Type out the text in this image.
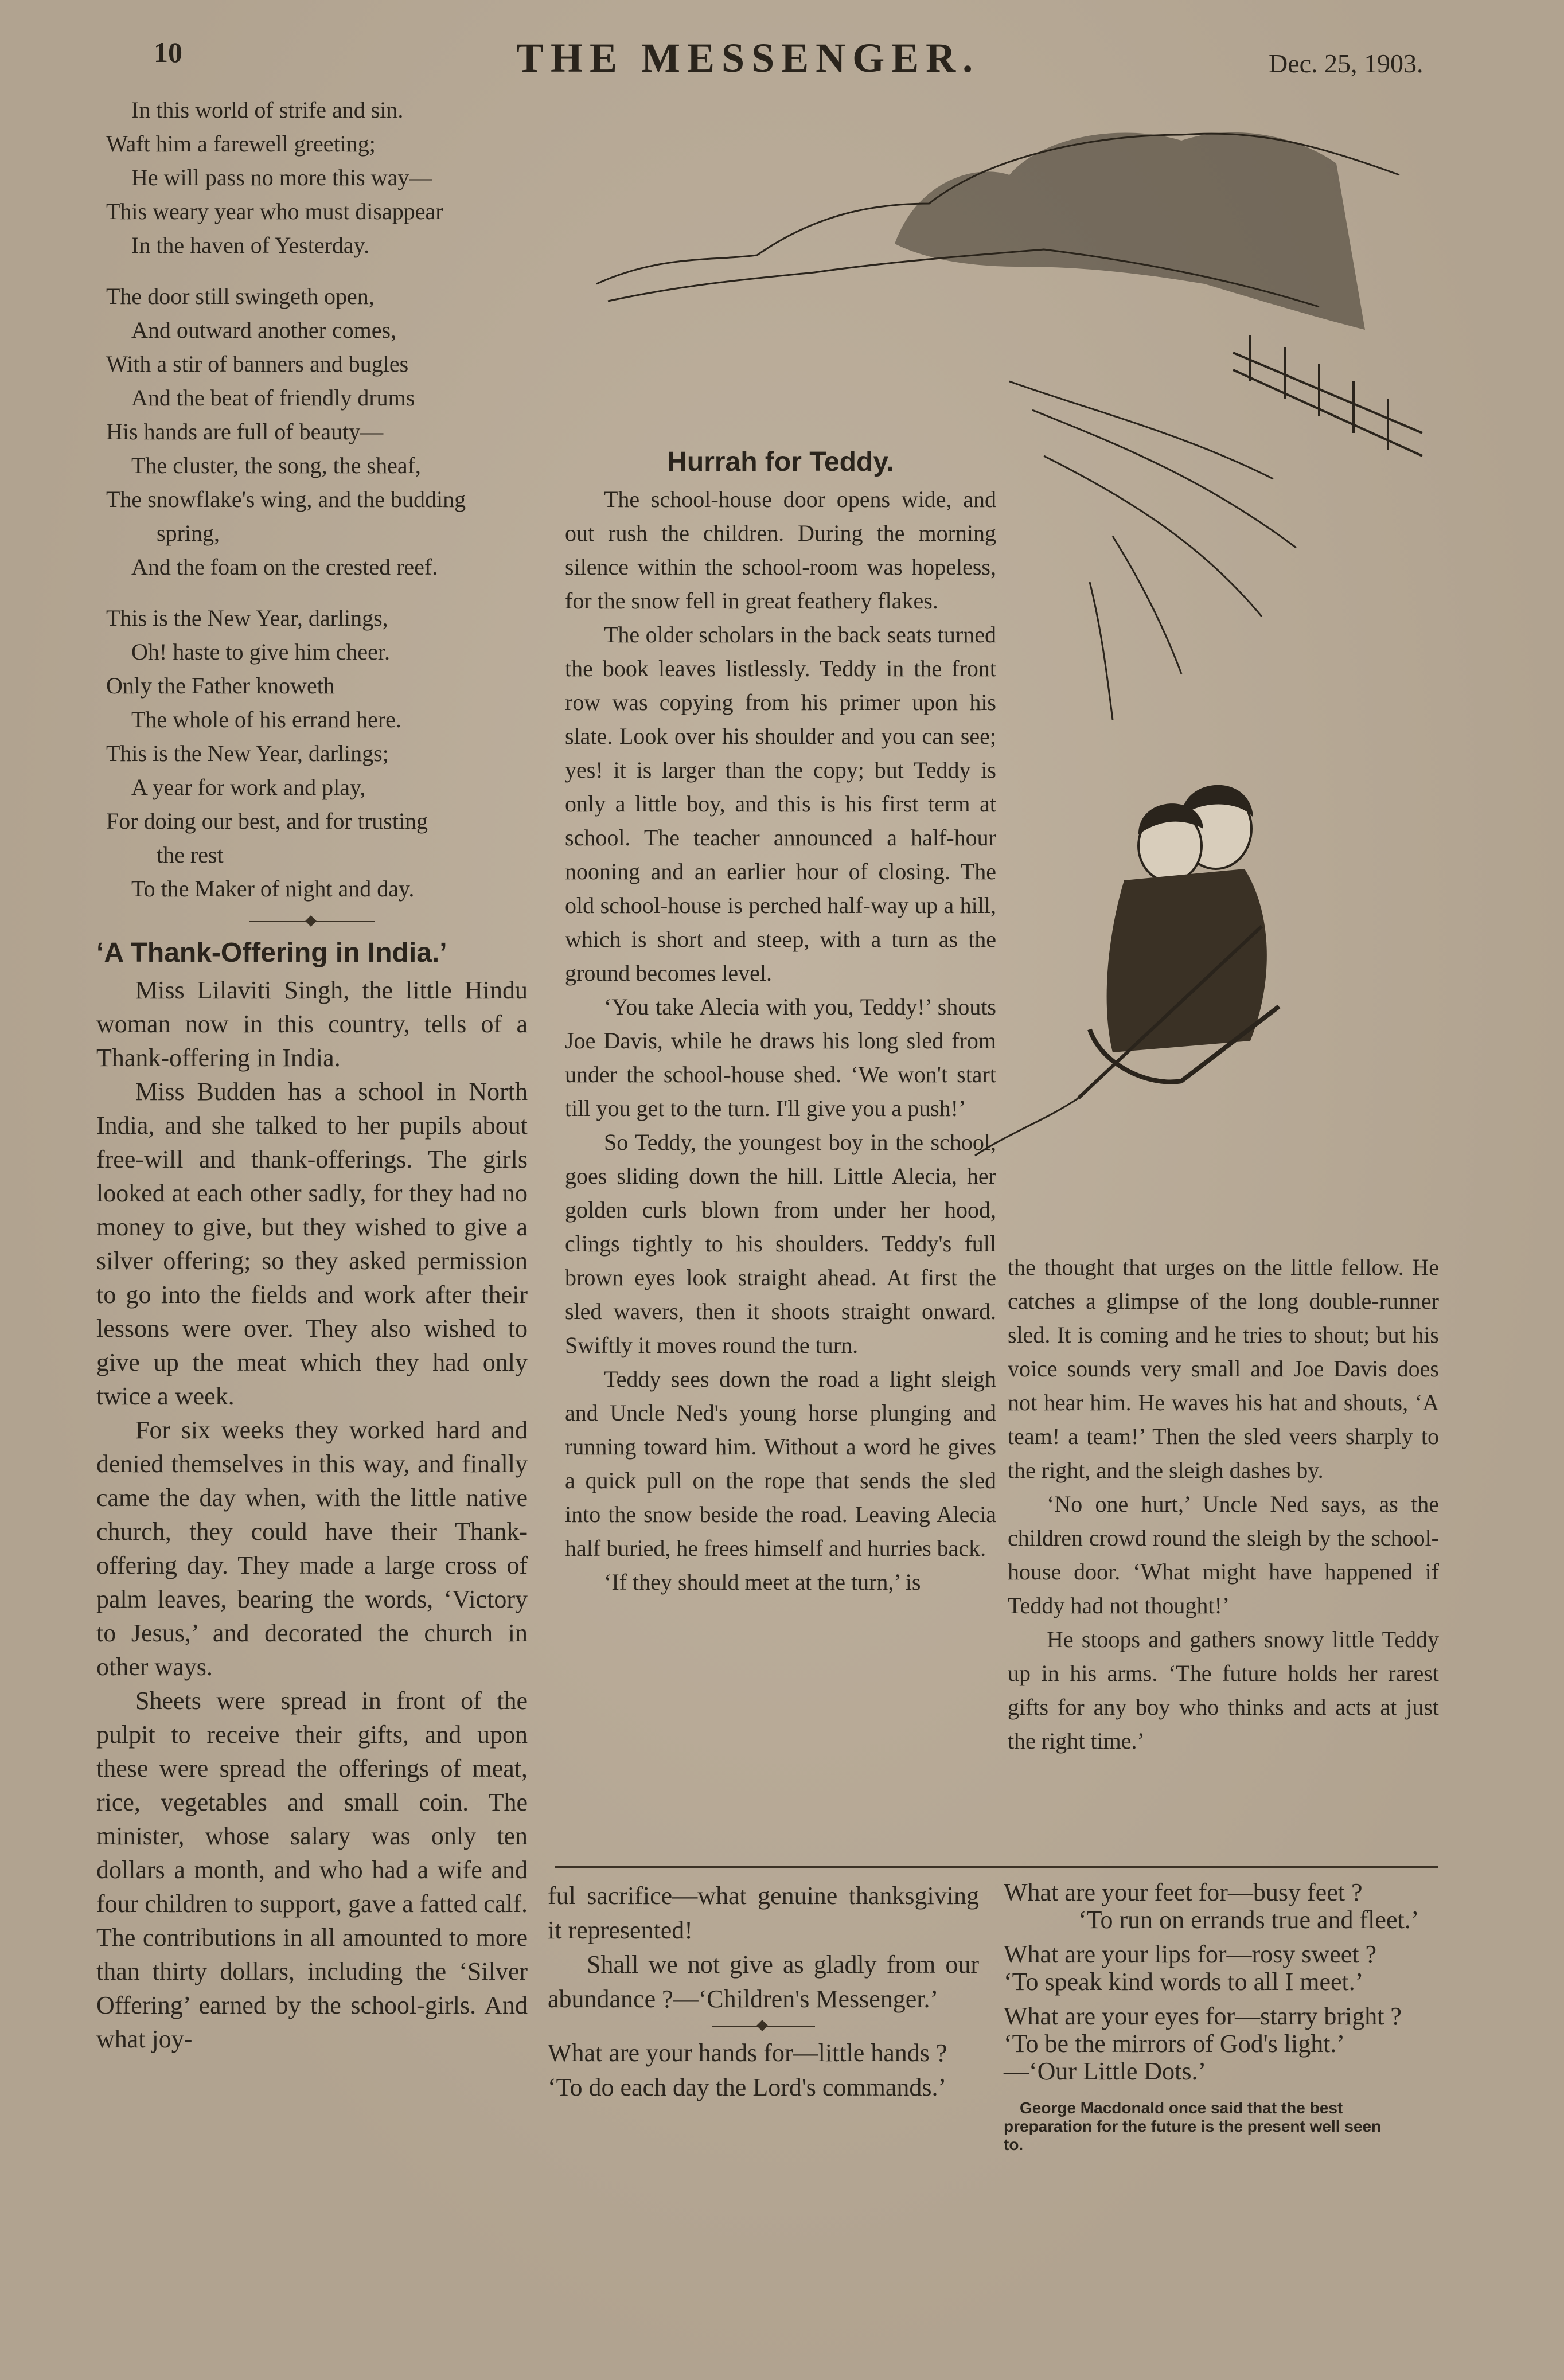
10	THE MESSENGER.	Dec. 25, 1903.

In this world of strife and sin.

Waft him a farewell greeting;

He will pass no more this way—

This weary year who must disappear

In the haven of Yesterday.

The door still swingeth open,

And outward another comes,

With a stir of banners and bugles

And the beat of friendly drums

His hands are full of beauty—

The cluster, the song, the sheaf,

The snowflake's wing, and the budding

spring,

And the foam on the crested reef.

This is the New Year, darlings,

Oh! haste to give him cheer.

Only the Father knoweth

The whole of his errand here.

This is the New Year, darlings;

A year for work and play,

For doing our best, and for trusting

the rest

To the Maker of night and day.

‘A Thank-Offering in India.’

Miss Lilaviti Singh, the little Hindu woman now in this country, tells of a Thank-offering in India.

Miss Budden has a school in North India, and she talked to her pupils about free-will and thank-offerings. The girls looked at each other sadly, for they had no money to give, but they wished to give a silver offering; so they asked permission to go into the fields and work after their lessons were over. They also wished to give up the meat which they had only twice a week.

For six weeks they worked hard and denied themselves in this way, and finally came the day when, with the little native church, they could have their Thank-offering day. They made a large cross of palm leaves, bearing the words, ‘Victory to Jesus,’ and decorated the church in other ways.

Sheets were spread in front of the pulpit to receive their gifts, and upon these were spread the offerings of meat, rice, vegetables and small coin. The minister, whose salary was only ten dollars a month, and who had a wife and four children to support, gave a fatted calf. The contributions in all amounted to more than thirty dollars, including the ‘Silver Offering’ earned by the school-girls. And what joy-

Hurrah for Teddy.

The school-house door opens wide, and out rush the children. During the morning silence within the school-room was hopeless, for the snow fell in great feathery flakes.

The older scholars in the back seats turned the book leaves listlessly. Teddy in the front row was copying from his primer upon his slate. Look over his shoulder and you can see; yes! it is larger than the copy; but Teddy is only a little boy, and this is his first term at school. The teacher announced a half-hour nooning and an earlier hour of closing. The old school-house is perched half-way up a hill, which is short and steep, with a turn as the ground becomes level.

‘You take Alecia with you, Teddy!’ shouts Joe Davis, while he draws his long sled from under the school-house shed. ‘We won't start till you get to the turn. I'll give you a push!’

So Teddy, the youngest boy in the school, goes sliding down the hill. Little Alecia, her golden curls blown from under her hood, clings tightly to his shoulders. Teddy's full brown eyes look straight ahead. At first the sled wavers, then it shoots straight onward. Swiftly it moves round the turn.

Teddy sees down the road a light sleigh and Uncle Ned's young horse plunging and running toward him. Without a word he gives a quick pull on the rope that sends the sled into the snow beside the road. Leaving Alecia half buried, he frees himself and hurries back.

‘If they should meet at the turn,’ is

the thought that urges on the little fellow. He catches a glimpse of the long double-runner sled. It is coming and he tries to shout; but his voice sounds very small and Joe Davis does not hear him. He waves his hat and shouts, ‘A team! a team!’ Then the sled veers sharply to the right, and the sleigh dashes by.

‘No one hurt,’ Uncle Ned says, as the children crowd round the sleigh by the school-house door. ‘What might have happened if Teddy had not thought!’

He stoops and gathers snowy little Teddy up in his arms. ‘The future holds her rarest gifts for any boy who thinks and acts at just the right time.’

ful sacrifice—what genuine thanksgiving it represented!

Shall we not give as gladly from our abundance ?—‘Children's Messenger.’

What are your hands for—little hands ?

‘To do each day the Lord's commands.’

What are your feet for—busy feet ?

‘To run on errands true and fleet.’

What are your lips for—rosy sweet ?

‘To speak kind words to all I meet.’

What are your eyes for—starry bright ?

‘To be the mirrors of God's light.’

—‘Our Little Dots.’

George Macdonald once said that the best preparation for the future is the present well seen to.
